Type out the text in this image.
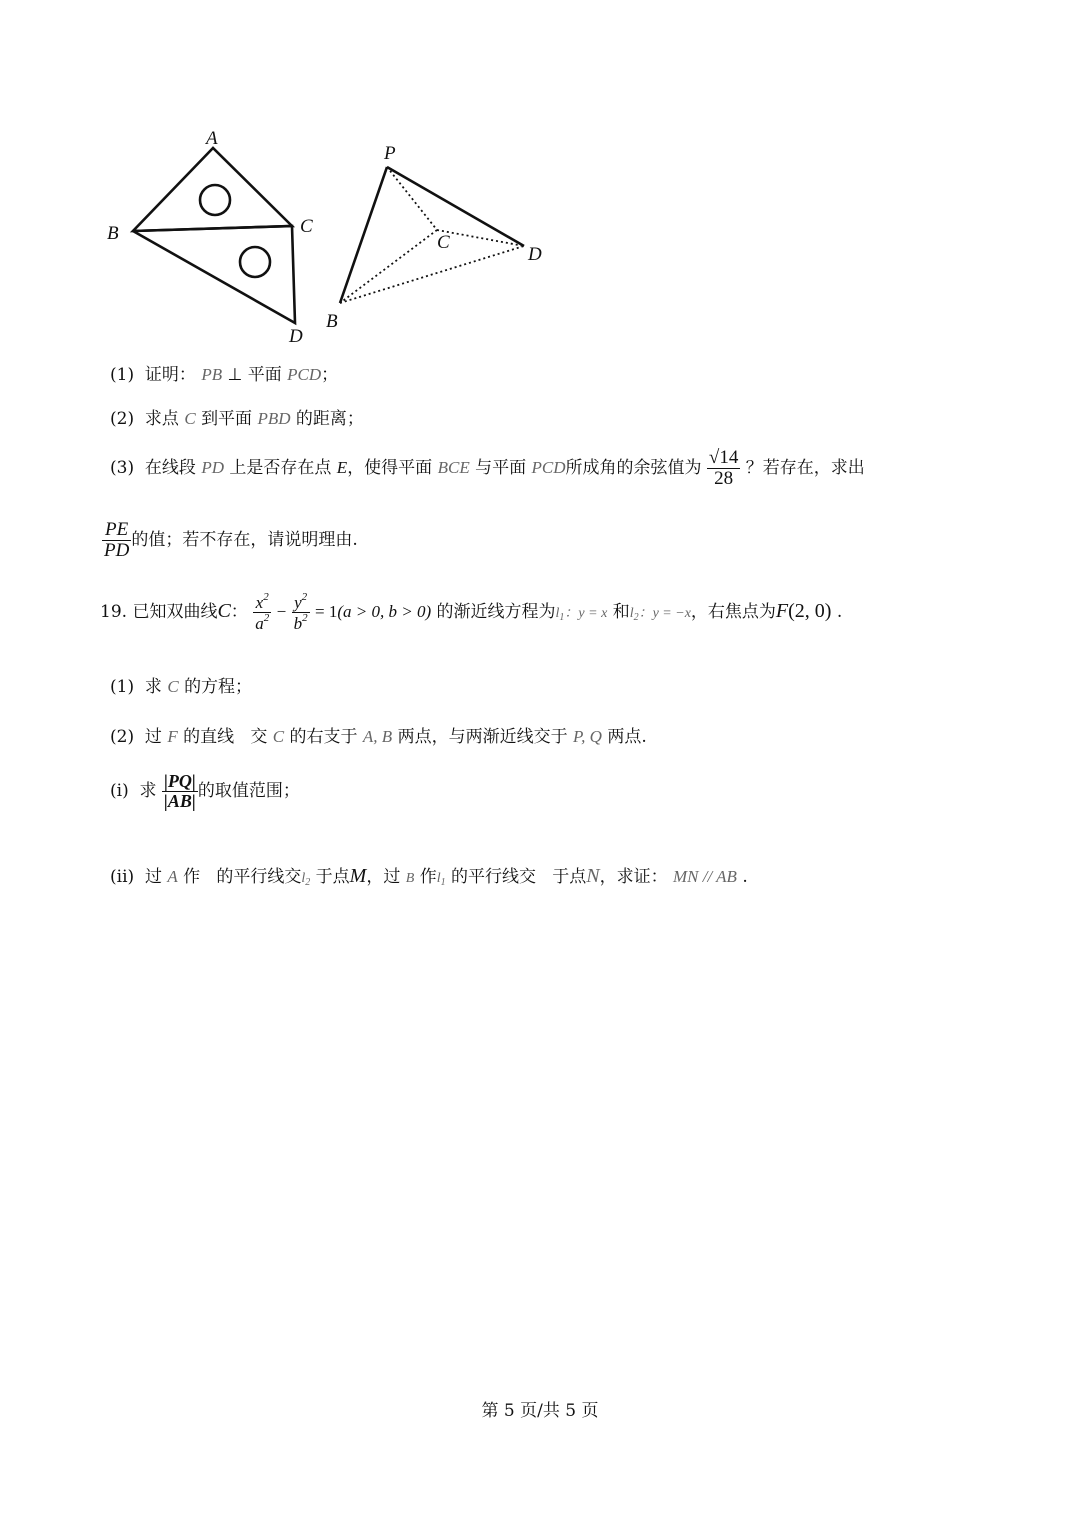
A
B	C
D
P
C
D
B
(1) 证明： PB ⊥ 平面 PCD；
(2) 求点 C 到平面 PBD 的距离；
(3) 在线段 PD 上是否存在点 E，使得平面 BCE 与平面 PCD所成角的余弦值为 $\frac{√14}{28}$ ？若存在，求出
$\frac{PE}{PD}$ 的值；若不存在，请说明理由.
19. 已知双曲线C： $\frac{x^2}{a^2} - \frac{y^2}{b^2} = 1(a > 0$, b > 0) 的渐近线方程为$l_1$：y = x 和$l_2$：y = −x，右焦点为F(2, 0) .
(1) 求 C 的方程；
(2) 过 F 的直线 交 C 的右支于 A, B 两点，与两渐近线交于 P, Q 两点.
(i) 求 $\frac{|PQ|}{|AB|}$ 的取值范围；
(ii) 过 A 作 的平行线交$l_2$ 于点M，过 B 作$l_1$ 的平行线交 于点N，求证： MN // AB .
第 5 页/共 5 页
